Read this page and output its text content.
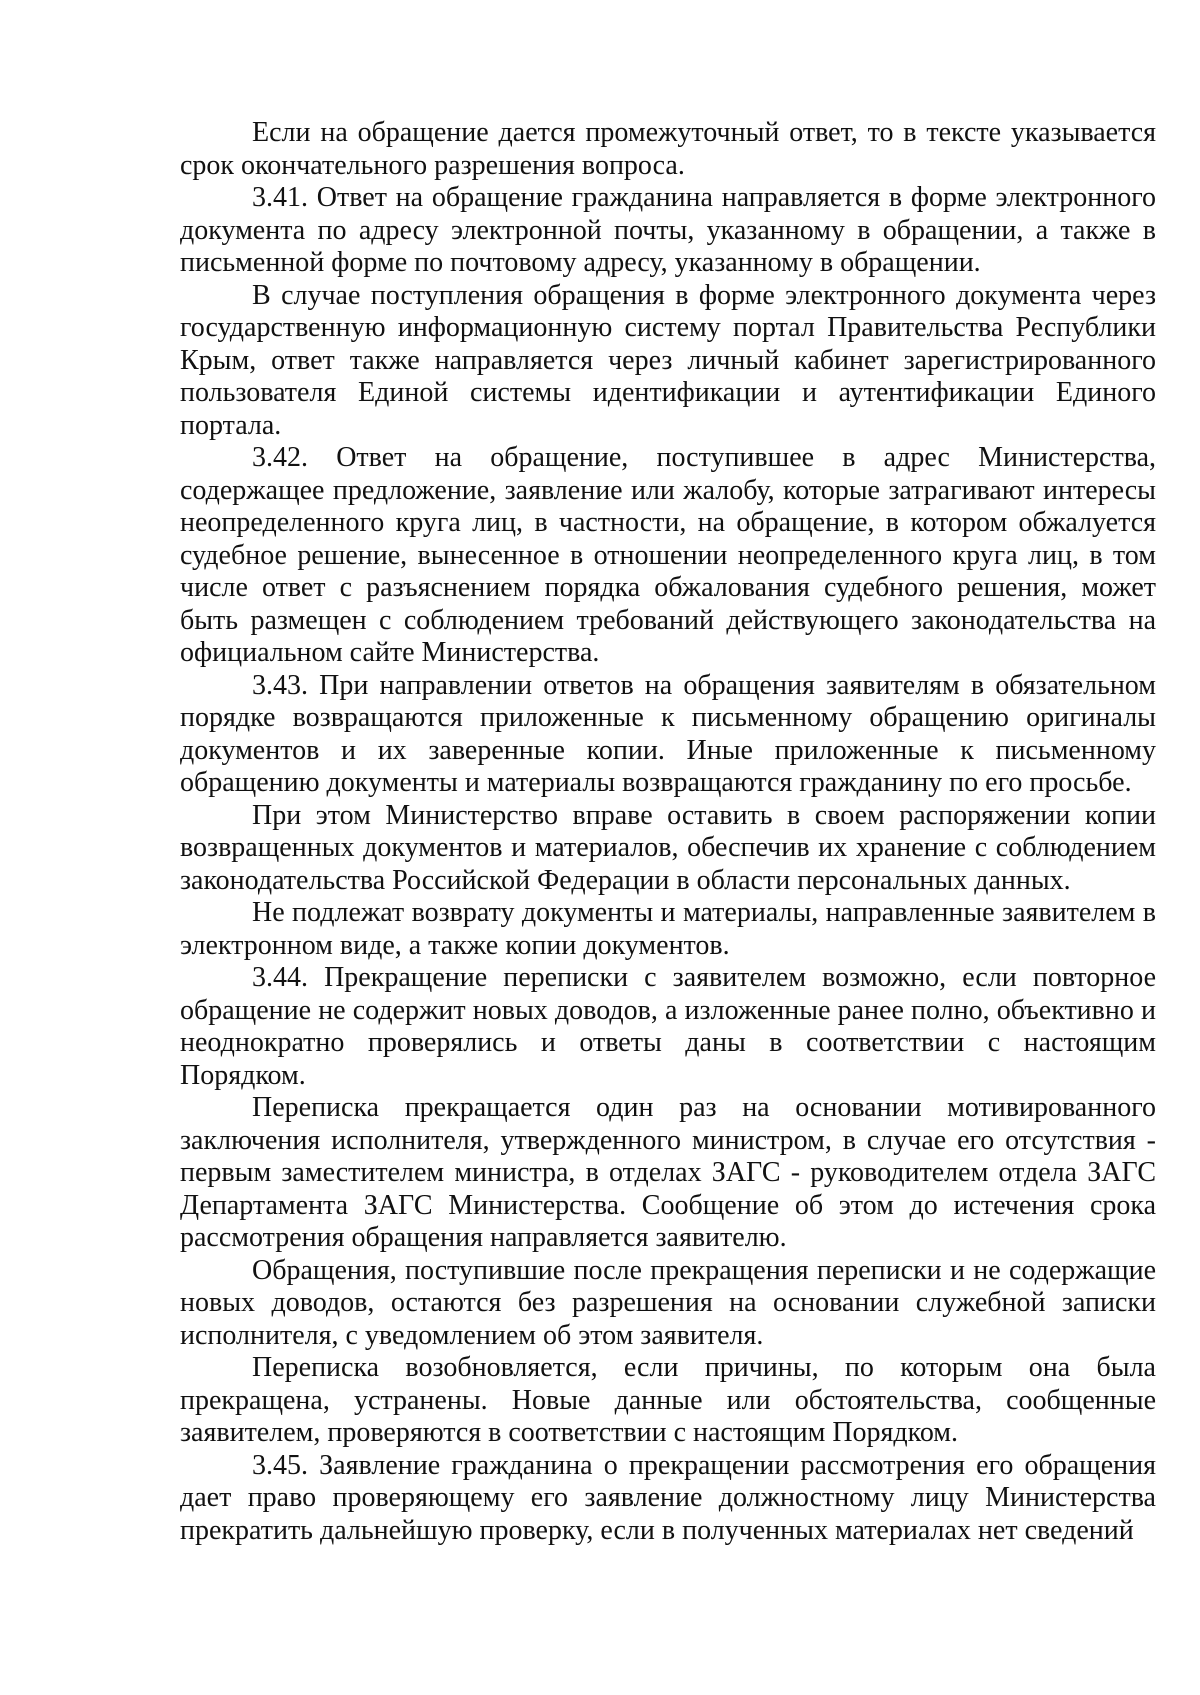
Если на обращение дается промежуточный ответ, то в тексте указывается срок окончательного разрешения вопроса.

3.41. Ответ на обращение гражданина направляется в форме электронного документа по адресу электронной почты, указанному в обращении, а также в письменной форме по почтовому адресу, указанному в обращении.

В случае поступления обращения в форме электронного документа через государственную информационную систему портал Правительства Республики Крым, ответ также направляется через личный кабинет зарегистрированного пользователя Единой системы идентификации и аутентификации Единого портала.

3.42. Ответ на обращение, поступившее в адрес Министерства, содержащее предложение, заявление или жалобу, которые затрагивают интересы неопределенного круга лиц, в частности, на обращение, в котором обжалуется судебное решение, вынесенное в отношении неопределенного круга лиц, в том числе ответ с разъяснением порядка обжалования судебного решения, может быть размещен с соблюдением требований действующего законодательства на официальном сайте Министерства.

3.43. При направлении ответов на обращения заявителям в обязательном порядке возвращаются приложенные к письменному обращению оригиналы документов и их заверенные копии. Иные приложенные к письменному обращению документы и материалы возвращаются гражданину по его просьбе.

При этом Министерство вправе оставить в своем распоряжении копии возвращенных документов и материалов, обеспечив их хранение с соблюдением законодательства Российской Федерации в области персональных данных.

Не подлежат возврату документы и материалы, направленные заявителем в электронном виде, а также копии документов.

3.44. Прекращение переписки с заявителем возможно, если повторное обращение не содержит новых доводов, а изложенные ранее полно, объективно и неоднократно проверялись и ответы даны в соответствии с настоящим Порядком.

Переписка прекращается один раз на основании мотивированного заключения исполнителя, утвержденного министром, в случае его отсутствия - первым заместителем министра, в отделах ЗАГС - руководителем отдела ЗАГС Департамента ЗАГС Министерства. Сообщение об этом до истечения срока рассмотрения обращения направляется заявителю.

Обращения, поступившие после прекращения переписки и не содержащие новых доводов, остаются без разрешения на основании служебной записки исполнителя, с уведомлением об этом заявителя.

Переписка возобновляется, если причины, по которым она была прекращена, устранены. Новые данные или обстоятельства, сообщенные заявителем, проверяются в соответствии с настоящим Порядком.

3.45. Заявление гражданина о прекращении рассмотрения его обращения дает право проверяющему его заявление должностному лицу Министерства прекратить дальнейшую проверку, если в полученных материалах нет сведений
